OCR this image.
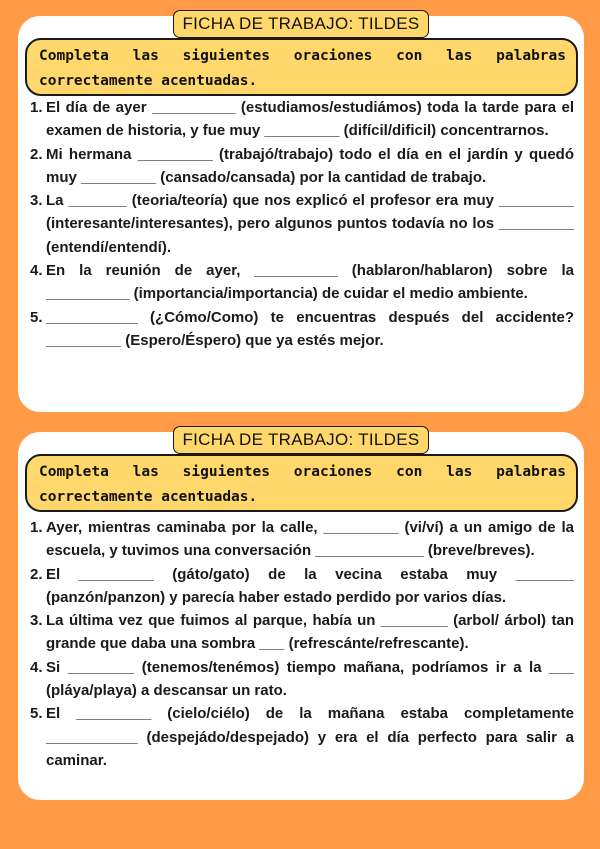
FICHA DE TRABAJO: TILDES
Completa las siguientes oraciones con las palabras correctamente acentuadas.
1. El día de ayer __________ (estudiamos/estudiámos) toda la tarde para el examen de historia, y fue muy _________ (difícil/dificil) concentrarnos.
2. Mi hermana _________ (trabajó/trabajo) todo el día en el jardín y quedó muy _________ (cansado/cansada) por la cantidad de trabajo.
3. La _______ (teoria/teoría) que nos explicó el profesor era muy _________ (interesante/interesantes), pero algunos puntos todavía no los _________ (entendí/entendí).
4. En la reunión de ayer, __________ (hablaron/hablaron) sobre la __________ (importancia/importancia) de cuidar el medio ambiente.
5. ___________ (¿Cómo/Como) te encuentras después del accidente? _________ (Espero/Éspero) que ya estés mejor.
FICHA DE TRABAJO: TILDES
Completa las siguientes oraciones con las palabras correctamente acentuadas.
1. Ayer, mientras caminaba por la calle, _________ (vi/ví) a un amigo de la escuela, y tuvimos una conversación _____________ (breve/breves).
2. El _________ (gáto/gato) de la vecina estaba muy _______ (panzón/panzon) y parecía haber estado perdido por varios días.
3. La última vez que fuimos al parque, había un ________ (arbol/ árbol) tan grande que daba una sombra ___ (refrescánte/refrescante).
4. Si ________ (tenemos/tenémos) tiempo mañana, podríamos ir a la ___ (pláya/playa) a descansar un rato.
5. El _________ (cielo/ciélo) de la mañana estaba completamente ___________ (despejádo/despejado) y era el día perfecto para salir a caminar.
